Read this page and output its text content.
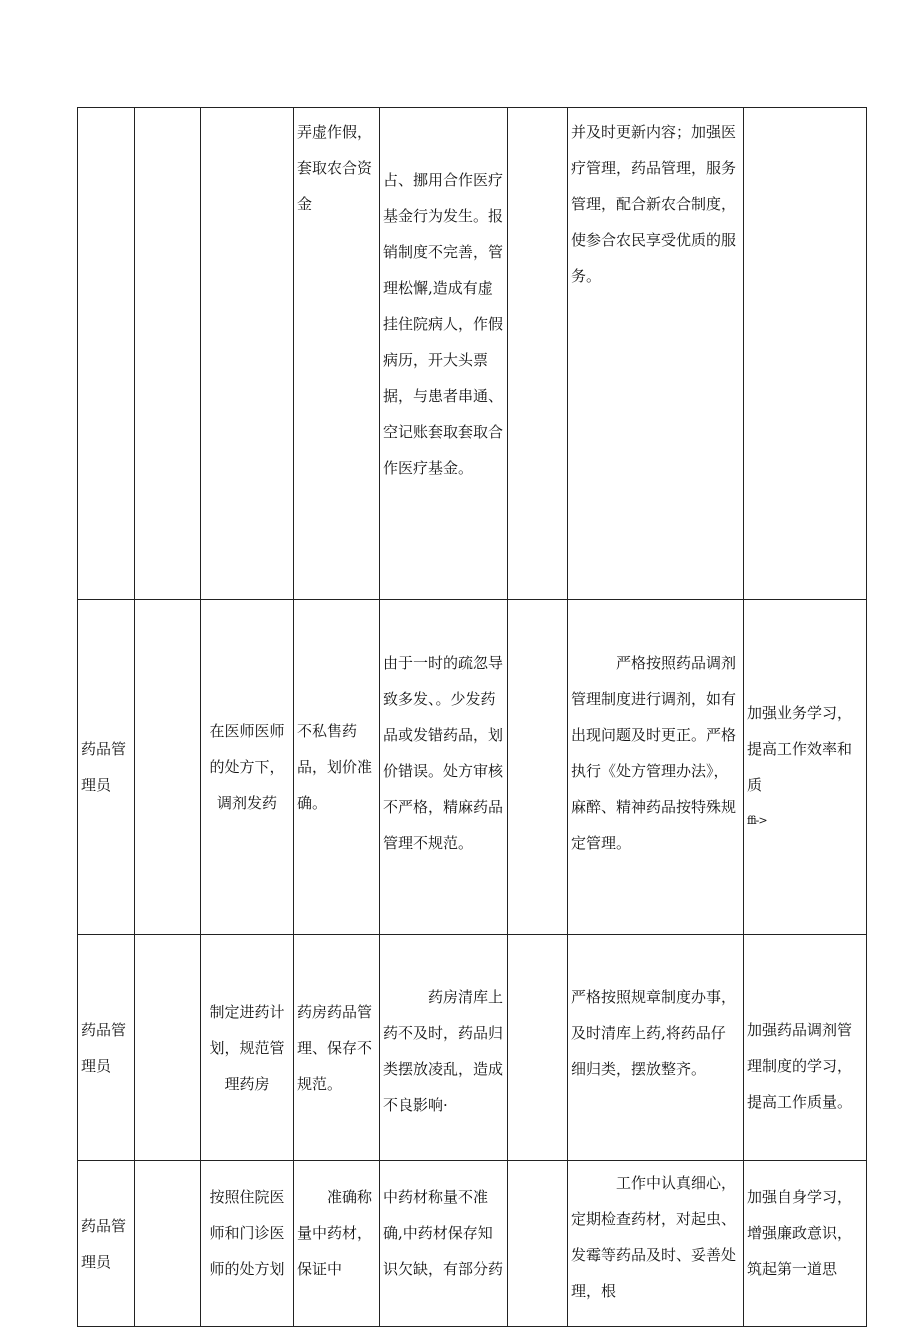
			弄虚作假，套取农合资金	占、挪用合作医疗基金行为发生。报销制度不完善，管理松懈,造成有虚挂住院病人，作假病历，开大头票据，与患者串通、空记账套取套取合作医疗基金。		并及时更新内容；加强医疗管理，药品管理，服务管理，配合新农合制度，使参合农民享受优质的服务。	
药品管理员		在医师医师的处方下，调剂发药	不私售药品，划价准确。	由于一时的疏忽导致多发、。少发药品或发错药品，划价错误。处方审核不严格，精麻药品管理不规范。		严格按照药品调剂管理制度进行调剂，如有出现问题及时更正。严格执行《处方管理办法》，麻醉、精神药品按特殊规定管理。	加强业务学习，提高工作效率和质
ffi->

药品管理员		制定进药计划，规范管理药房	药房药品管理、保存不规范。	药房清库上药不及时，药品归类摆放凌乱，造成不良影响·		严格按照规章制度办事，及时清库上药,将药品仔细归类，摆放整齐。	加强药品调剂管理制度的学习，提高工作质量。
药品管理员		按照住院医师和门诊医师的处方划	准确称量中药材，保证中	中药材称量不准确,中药材保存知识欠缺，有部分药		工作中认真细心，定期检查药材，对起虫、发霉等药品及时、妥善处理，根	加强自身学习，增强廉政意识，筑起第一道思
